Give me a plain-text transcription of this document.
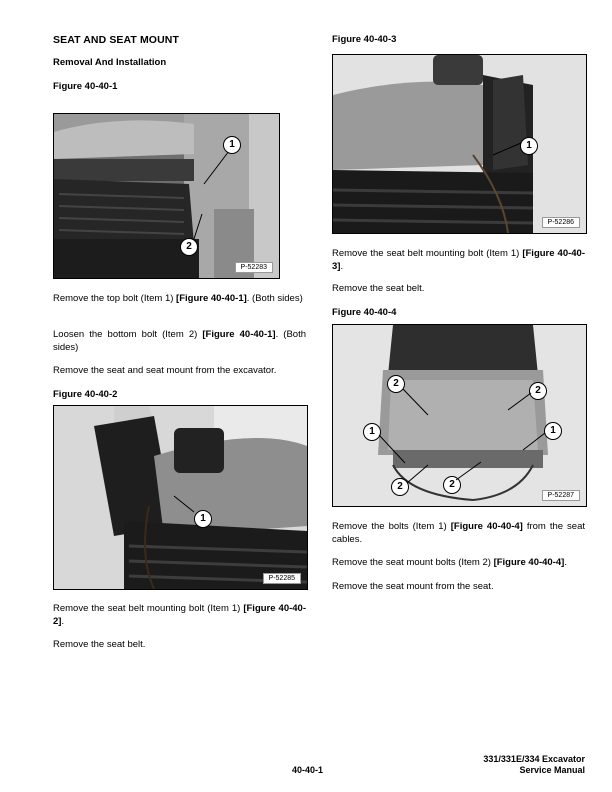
SEAT AND SEAT MOUNT
Removal And Installation
Figure 40-40-1
1
2
P-52283
Remove the top bolt (Item 1) [Figure 40-40-1]. (Both sides)
Loosen the bottom bolt (Item 2) [Figure 40-40-1]. (Both sides)
Remove the seat and seat mount from the excavator.
Figure 40-40-2
1
P-52285
Remove the seat belt mounting bolt (Item 1) [Figure 40-40-2].
Remove the seat belt.
Figure 40-40-3
1
P-52286
Remove the seat belt mounting bolt (Item 1) [Figure 40-40-3].
Remove the seat belt.
Figure 40-40-4
2
2
1	1
2	2
P-52287
Remove the bolts (Item 1) [Figure 40-40-4] from the seat cables.
Remove the seat mount bolts (Item 2) [Figure 40-40-4].
Remove the seat mount from the seat.
40-40-1
331/331E/334 Excavator
Service Manual
